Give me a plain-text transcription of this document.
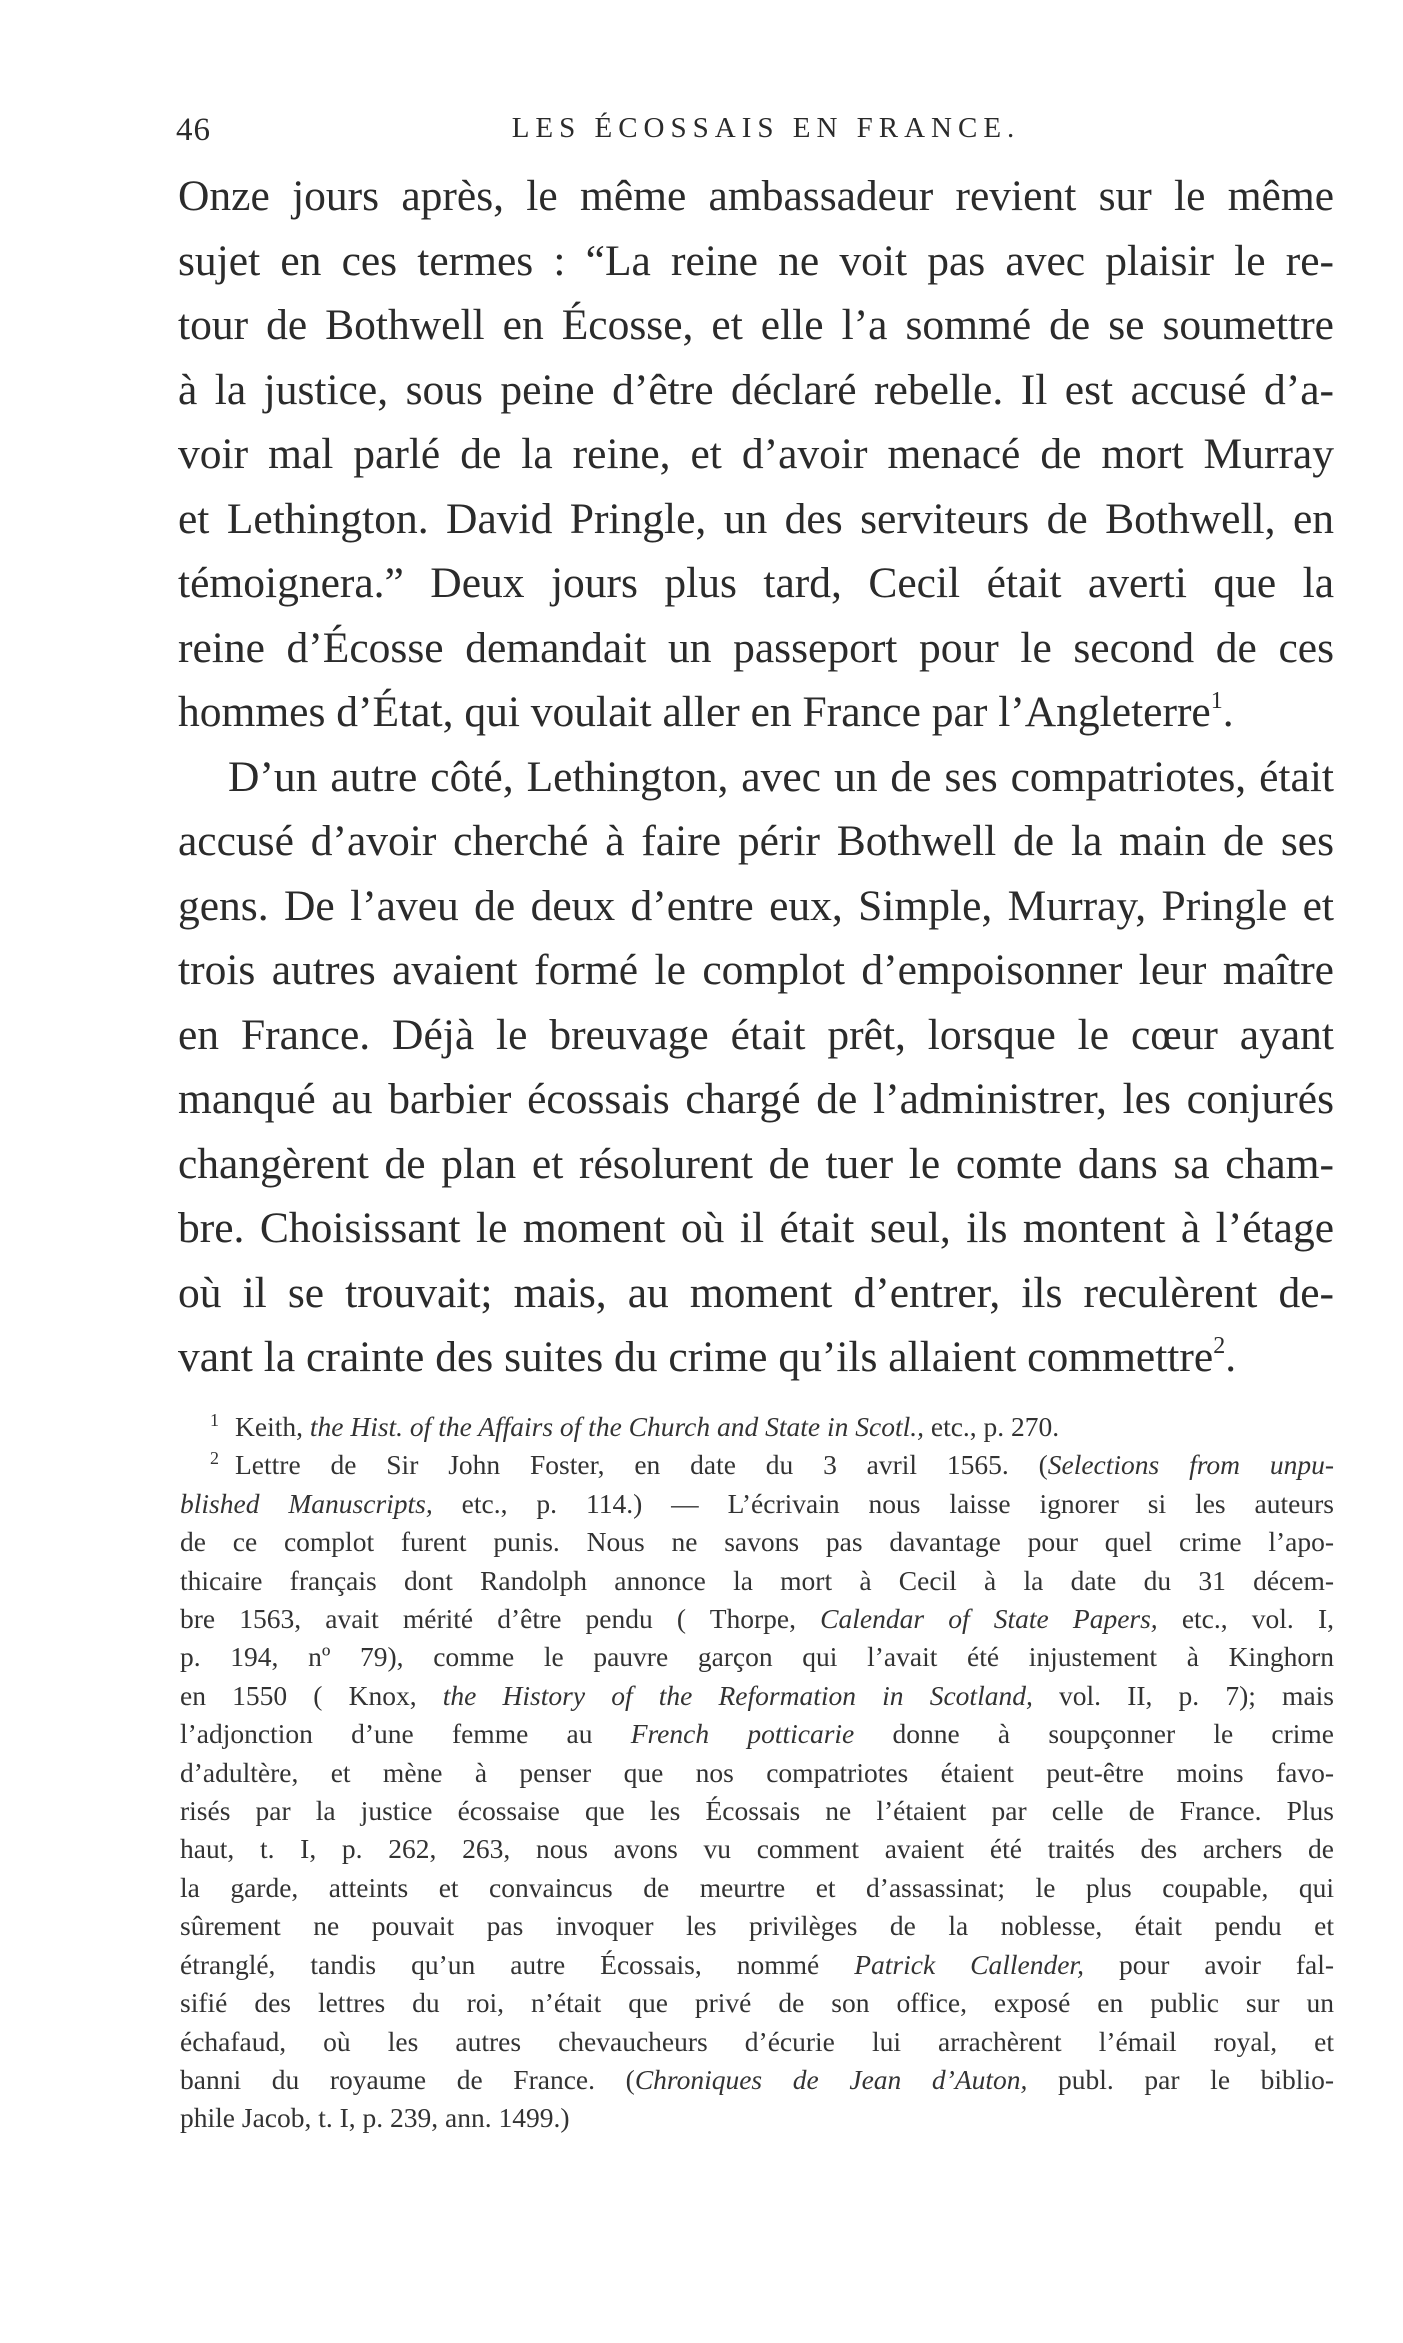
46	LES ÉCOSSAIS EN FRANCE.
Onze jours après, le même ambassadeur revient sur le même
sujet en ces termes : “La reine ne voit pas avec plaisir le re-
tour de Bothwell en Écosse, et elle l’a sommé de se soumettre
à la justice, sous peine d’être déclaré rebelle. Il est accusé d’a-
voir mal parlé de la reine, et d’avoir menacé de mort Murray
et Lethington. David Pringle, un des serviteurs de Bothwell, en
témoignera.” Deux jours plus tard, Cecil était averti que la
reine d’Écosse demandait un passeport pour le second de ces
hommes d’État, qui voulait aller en France par l’Angleterre$^1$.
D’un autre côté, Lethington, avec un de ses compatriotes, était
accusé d’avoir cherché à faire périr Bothwell de la main de ses
gens. De l’aveu de deux d’entre eux, Simple, Murray, Pringle et
trois autres avaient formé le complot d’empoisonner leur maître
en France. Déjà le breuvage était prêt, lorsque le cœur ayant
manqué au barbier écossais chargé de l’administrer, les conjurés
changèrent de plan et résolurent de tuer le comte dans sa cham-
bre. Choisissant le moment où il était seul, ils montent à l’étage
où il se trouvait; mais, au moment d’entrer, ils reculèrent de-
vant la crainte des suites du crime qu’ils allaient commettre$^2$.
$^1$ Keith, the Hist. of the Affairs of the Church and State in Scotl., etc., p. 270.
$^2$ Lettre de Sir John Foster, en date du 3 avril 1565. (Selections from unpu-
blished Manuscripts, etc., p. 114.) — L’écrivain nous laisse ignorer si les auteurs
de ce complot furent punis. Nous ne savons pas davantage pour quel crime l’apo-
thicaire français dont Randolph annonce la mort à Cecil à la date du 31 décem-
bre 1563, avait mérité d’être pendu ( Thorpe, Calendar of State Papers, etc., vol. I,
p. 194, nº 79), comme le pauvre garçon qui l’avait été injustement à Kinghorn
en 1550 ( Knox, the History of the Reformation in Scotland, vol. II, p. 7); mais
l’adjonction d’une femme au French potticarie donne à soupçonner le crime
d’adultère, et mène à penser que nos compatriotes étaient peut-être moins favo-
risés par la justice écossaise que les Écossais ne l’étaient par celle de France. Plus
haut, t. I, p. 262, 263, nous avons vu comment avaient été traités des archers de
la garde, atteints et convaincus de meurtre et d’assassinat; le plus coupable, qui
sûrement ne pouvait pas invoquer les privilèges de la noblesse, était pendu et
étranglé, tandis qu’un autre Écossais, nommé Patrick Callender, pour avoir fal-
sifié des lettres du roi, n’était que privé de son office, exposé en public sur un
échafaud, où les autres chevaucheurs d’écurie lui arrachèrent l’émail royal, et
banni du royaume de France. (Chroniques de Jean d’Auton, publ. par le biblio-
phile Jacob, t. I, p. 239, ann. 1499.)
